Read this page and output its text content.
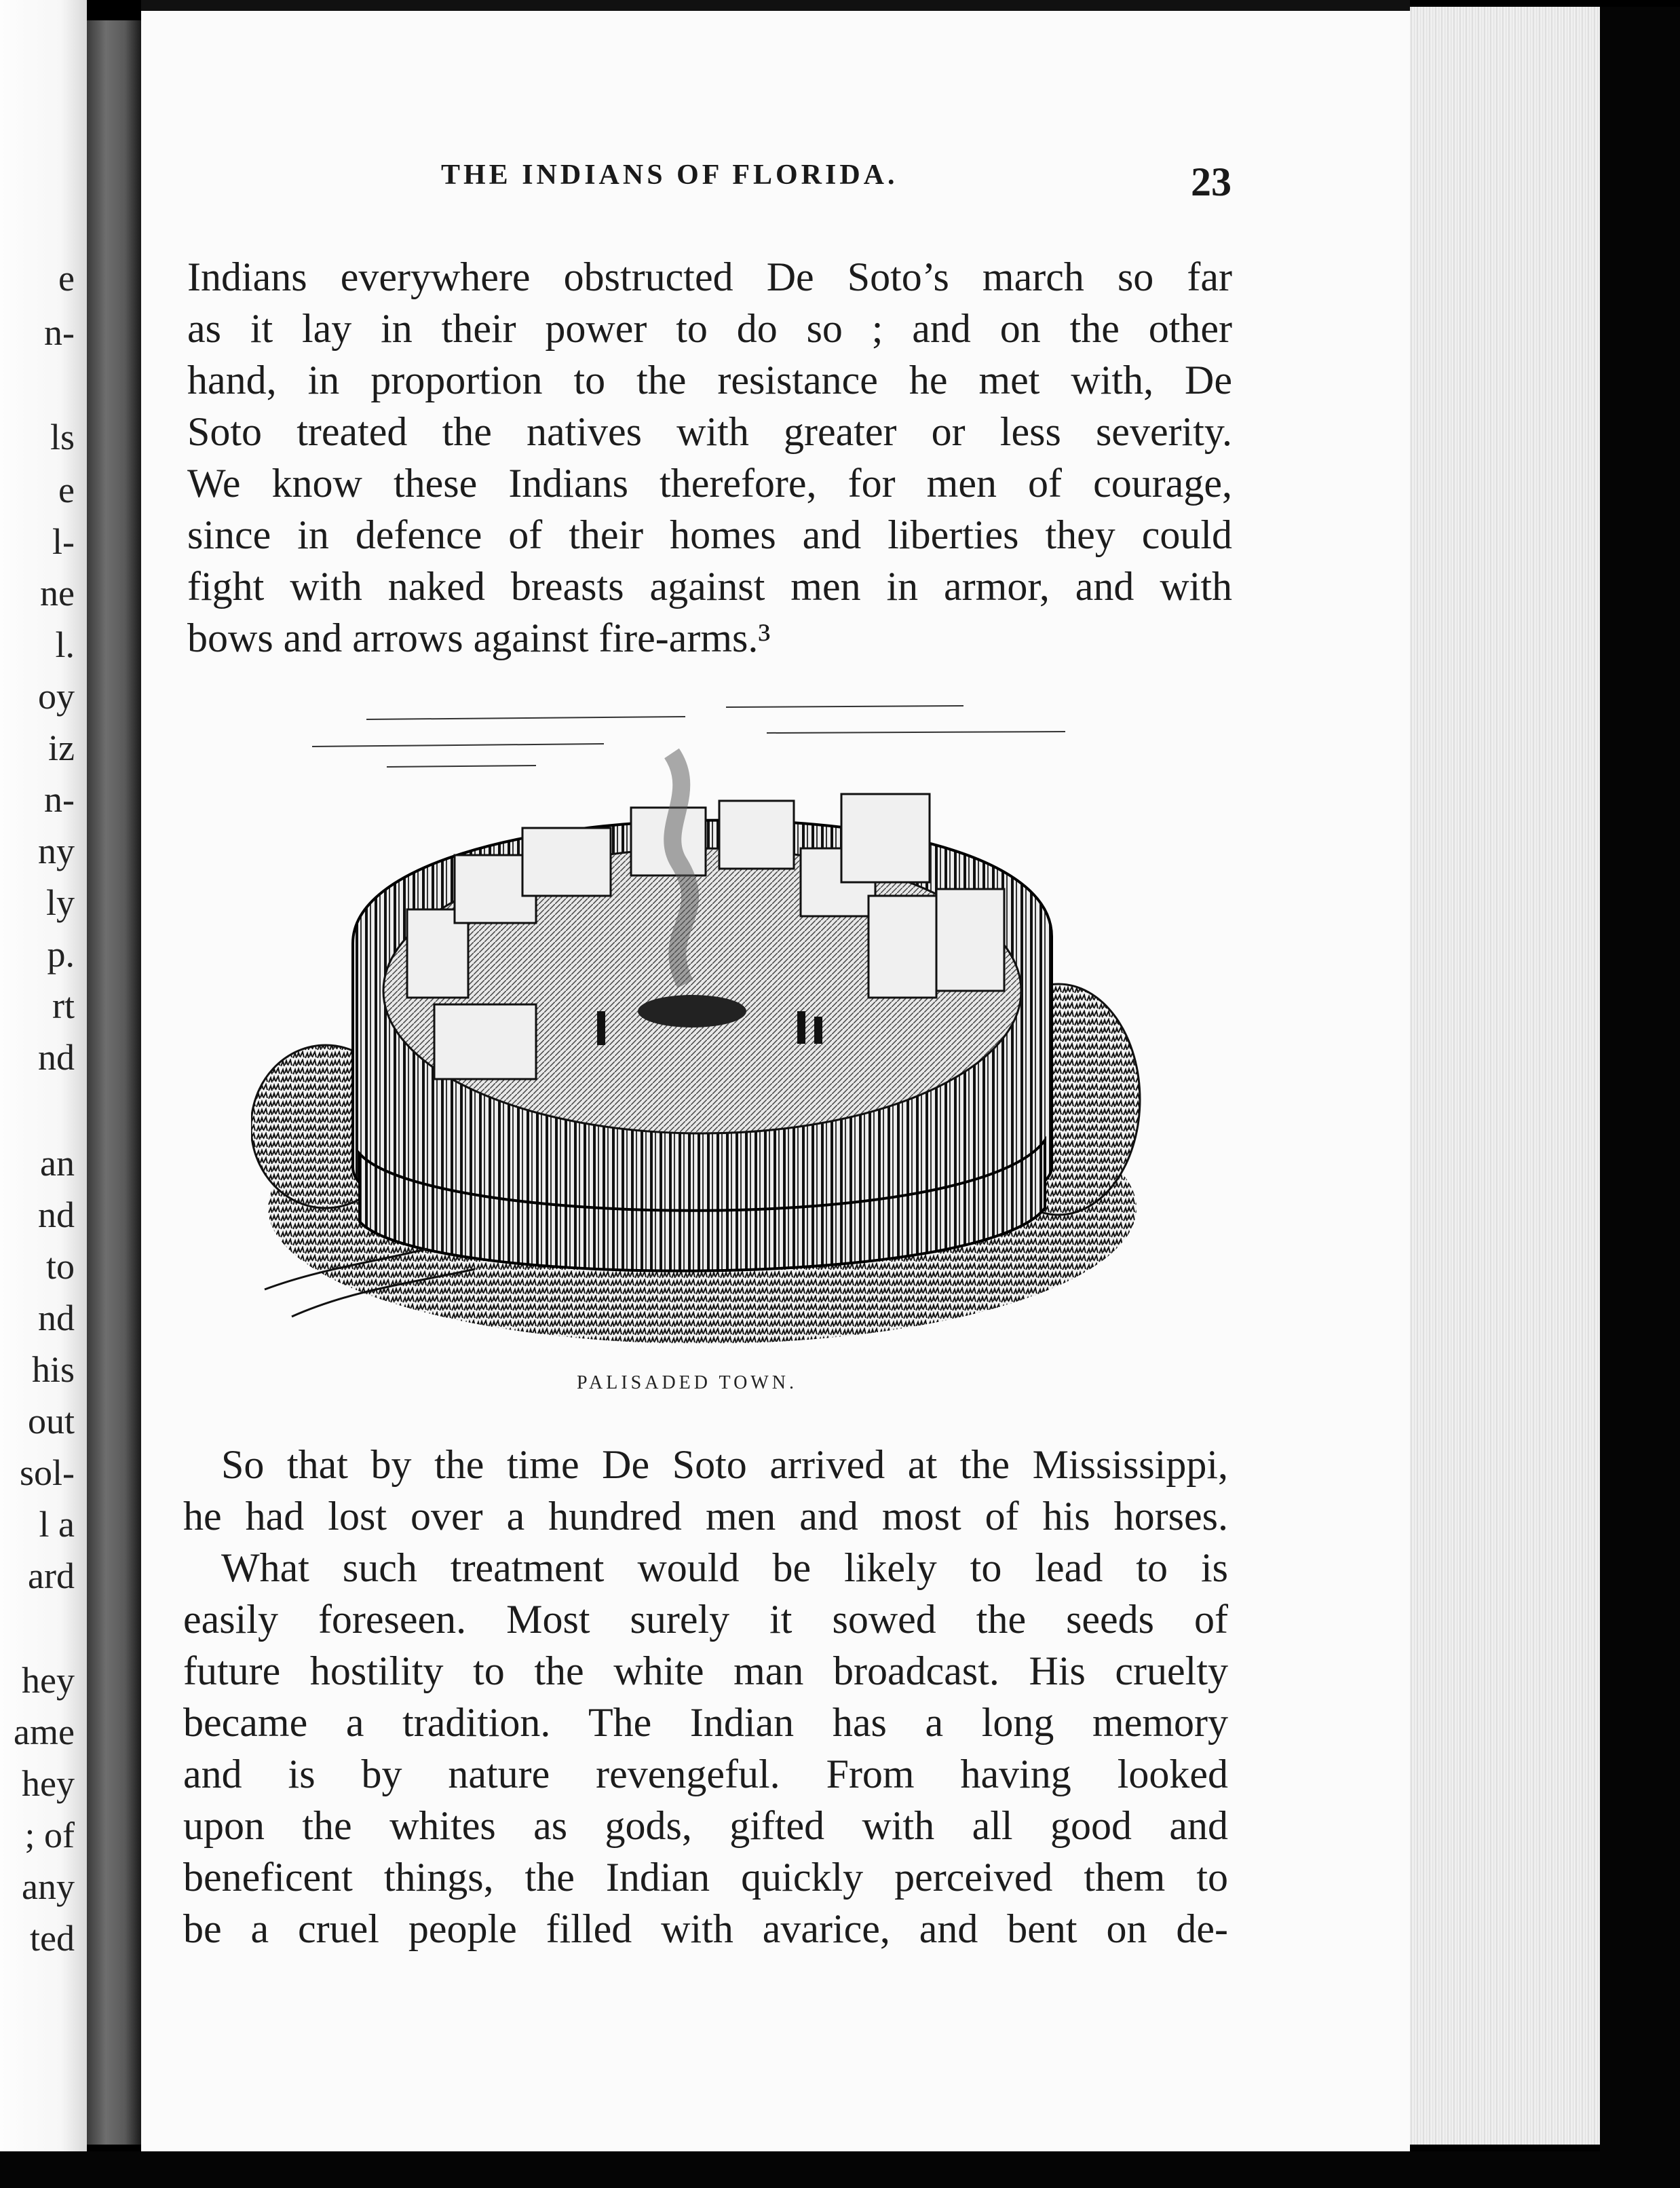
e
n-
ls
e
l-
ne
l.
oy
iz
n-
ny
ly
p.
rt
nd
an
nd
to
nd
his
out
sol-
l a
ard
hey
ame
hey
; of
any
ted
THE INDIANS OF FLORIDA.	23
Indians everywhere obstructed De Soto’s march so far
as it lay in their power to do so ; and on the other
hand, in proportion to the resistance he met with, De
Soto treated the natives with greater or less severity.
We know these Indians therefore, for men of courage,
since in defence of their homes and liberties they could
fight with naked breasts against men in armor, and with
bows and arrows against fire-arms.³
PALISADED TOWN.
So that by the time De Soto arrived at the Mississippi,
he had lost over a hundred men and most of his horses.
What such treatment would be likely to lead to is
easily foreseen. Most surely it sowed the seeds of
future hostility to the white man broadcast. His cruelty
became a tradition. The Indian has a long memory
and is by nature revengeful. From having looked
upon the whites as gods, gifted with all good and
beneficent things, the Indian quickly perceived them to
be a cruel people filled with avarice, and bent on de-
